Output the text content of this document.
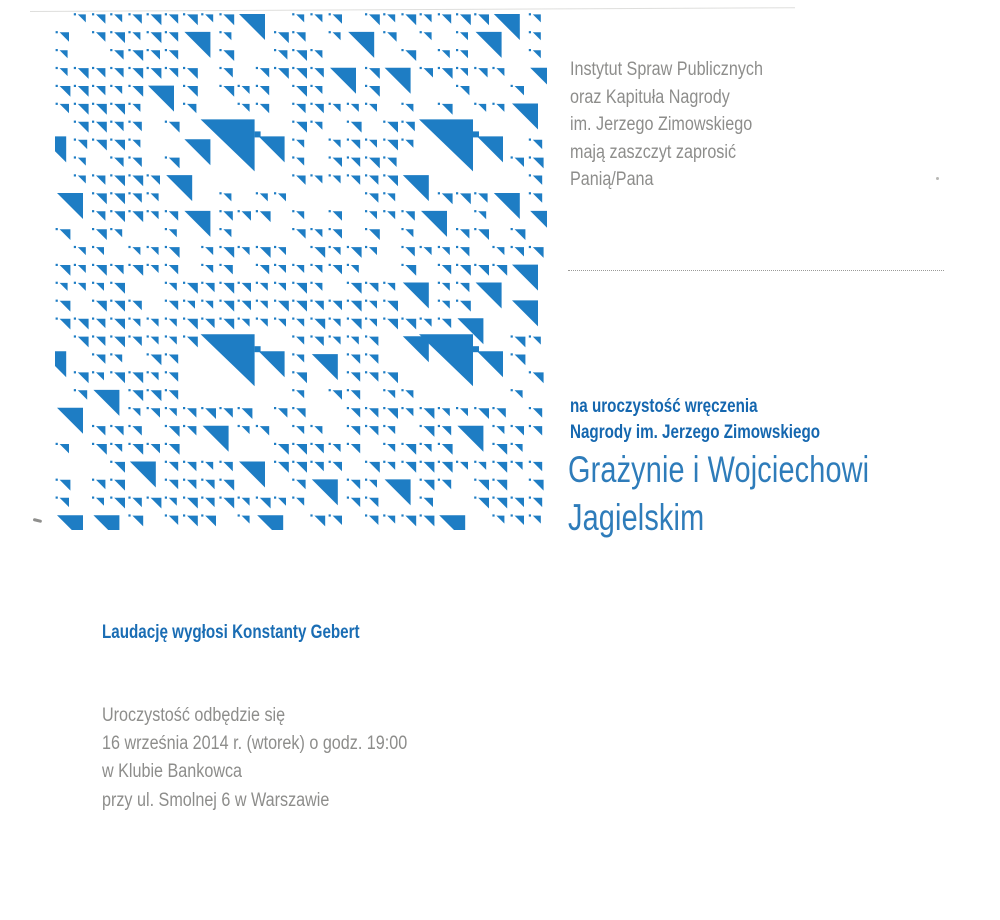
Instytut Spraw Publicznych
oraz Kapituła Nagrody
im. Jerzego Zimowskiego
mają zaszczyt zaprosić
Panią/Pana
na uroczystość wręczenia
Nagrody im. Jerzego Zimowskiego
Grażynie i Wojciechowi
Jagielskim
Laudację wygłosi Konstanty Gebert
Uroczystość odbędzie się
16 września 2014 r. (wtorek) o godz. 19:00
w Klubie Bankowca
przy ul. Smolnej 6 w Warszawie
